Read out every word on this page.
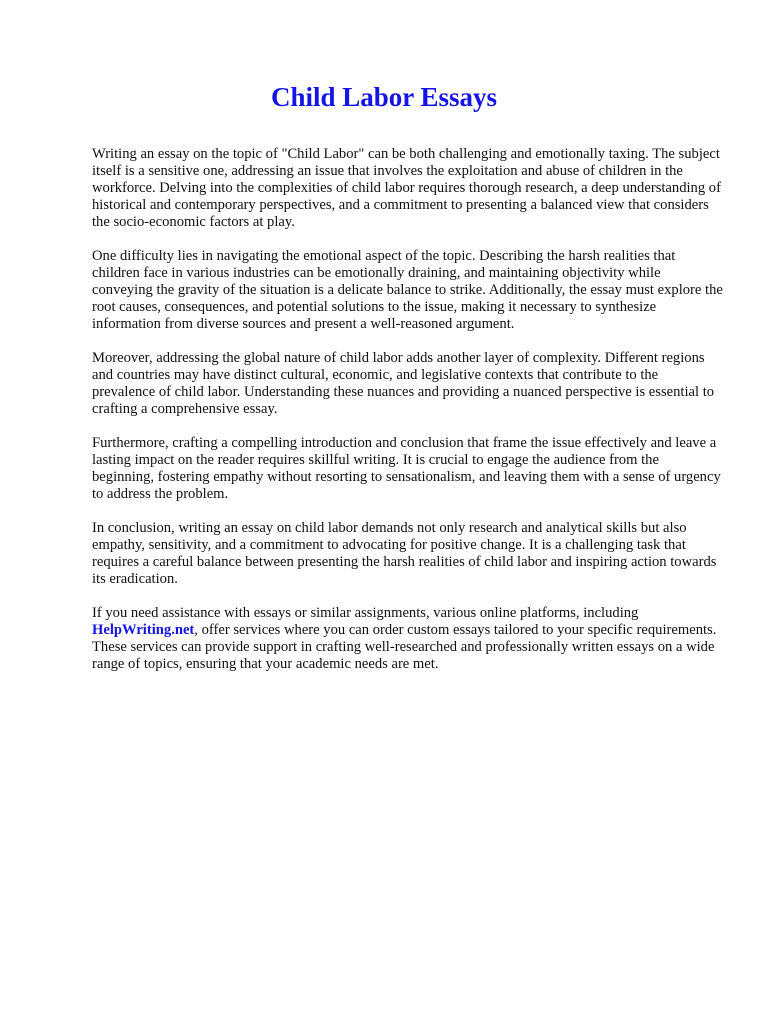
Child Labor Essays

Writing an essay on the topic of "Child Labor" can be both challenging and emotionally taxing. The subject itself is a sensitive one, addressing an issue that involves the exploitation and abuse of children in the workforce. Delving into the complexities of child labor requires thorough research, a deep understanding of historical and contemporary perspectives, and a commitment to presenting a balanced view that considers the socio-economic factors at play.

One difficulty lies in navigating the emotional aspect of the topic. Describing the harsh realities that children face in various industries can be emotionally draining, and maintaining objectivity while conveying the gravity of the situation is a delicate balance to strike. Additionally, the essay must explore the root causes, consequences, and potential solutions to the issue, making it necessary to synthesize information from diverse sources and present a well-reasoned argument.

Moreover, addressing the global nature of child labor adds another layer of complexity. Different regions and countries may have distinct cultural, economic, and legislative contexts that contribute to the prevalence of child labor. Understanding these nuances and providing a nuanced perspective is essential to crafting a comprehensive essay.

Furthermore, crafting a compelling introduction and conclusion that frame the issue effectively and leave a lasting impact on the reader requires skillful writing. It is crucial to engage the audience from the beginning, fostering empathy without resorting to sensationalism, and leaving them with a sense of urgency to address the problem.

In conclusion, writing an essay on child labor demands not only research and analytical skills but also empathy, sensitivity, and a commitment to advocating for positive change. It is a challenging task that requires a careful balance between presenting the harsh realities of child labor and inspiring action towards its eradication.

If you need assistance with essays or similar assignments, various online platforms, including HelpWriting.net, offer services where you can order custom essays tailored to your specific requirements. These services can provide support in crafting well-researched and professionally written essays on a wide range of topics, ensuring that your academic needs are met.
